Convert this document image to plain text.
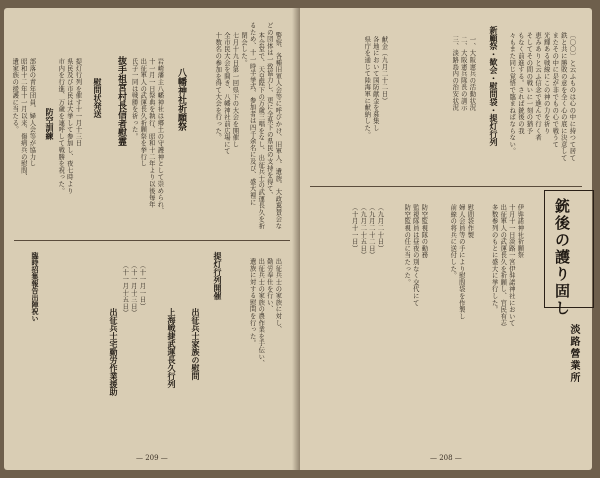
警察、各種旧軍人会等に呼びかけ、旧軍人、遺族、大政翼賛会などの団体は一致協力し、更に全県下の県民の支持を得て、
本会堂で、天皇陛下の万歳三唱をなし、出征兵士の武運長久を祈るため、十一時半挙式、参加者は四千余名に及び、盛大裡に
閉会した。
七月十九日第一回県下の大会を開催し
全市民大会を開き、八幡神社前広場にて
十数名の参加を得て大会を行った。

八幡神社祈願祭

岩崎藩主八幡神社は郷土の守護神として崇められ、
十一月一日祭典を執行、昭和十二年より以後毎年
出征軍人の武運長久祈願祭を挙行し
氏子一同は戦勝を祈った。

抜手祖宮村長信者慰霊
慰問状発送

提灯行列を催す十一月十三日
県民及び市民は大挙して参加し、夜七時より
市内を行進、万歳を連呼して戦勝を祝った。

防空訓練

部落の青年団員、婦人会等が協力し
昭和十二年十一月以来、傷病兵の慰問、
遺家族の援護に当たる。

出征兵士の家族に対し、
勤労奉仕を行い、
出征兵士の家族の農作業を手伝い、
遺族に対する慰問を行った。

提灯行列開催
出征兵士家族の慰問
上海戦捷武運長久行列

（十一月一日）
（十一月十三日）
（十一月十五日）

出征兵士宅勤労作業援助
臨時招集報告出陣祝い
— 209 —

〔〇〇〕と云ふものは心の中に持つて居て
鉄と共に勝敗の意を全く心の底に決意して
またその中に是が非でもの心で戦うて
光輝ある戦線にこの神の力を祈り
恵みありと云ふ信念で進んで行く者
そしてその間の戦いに一刻の猶予
もなく前進する。されば銃後の我
々もまた同じ覚悟で臨まねばならない。

新顧祭・歓会・慰問袋・提灯行列

一、大阪憲兵の活動状況
二、大阪憲兵隊長の訓示
三、淡路島内の治安状況

献金（九月二十二日）
各地において国防献金を募集し
県庁を通じて陸海軍に献納した。

銃後の護り固し
淡路營業所

伊弉諾神社祈願祭
十月十一日淡路一宮伊弉諾神社において
出征軍人の武運長久を祈願し、官民有志
多数参列のもとに盛大に挙行した。

慰問袋作製
婦人会員等の手により慰問袋を作製し
前線の将兵に送付した。

防空監視隊の動務
監視隊員は昼夜の別なく交代にて
防空監視の任に当たった。

（九月二十日）
（九月二十二日）
（九月二十五日）
（十月十一日）

— 208 —
